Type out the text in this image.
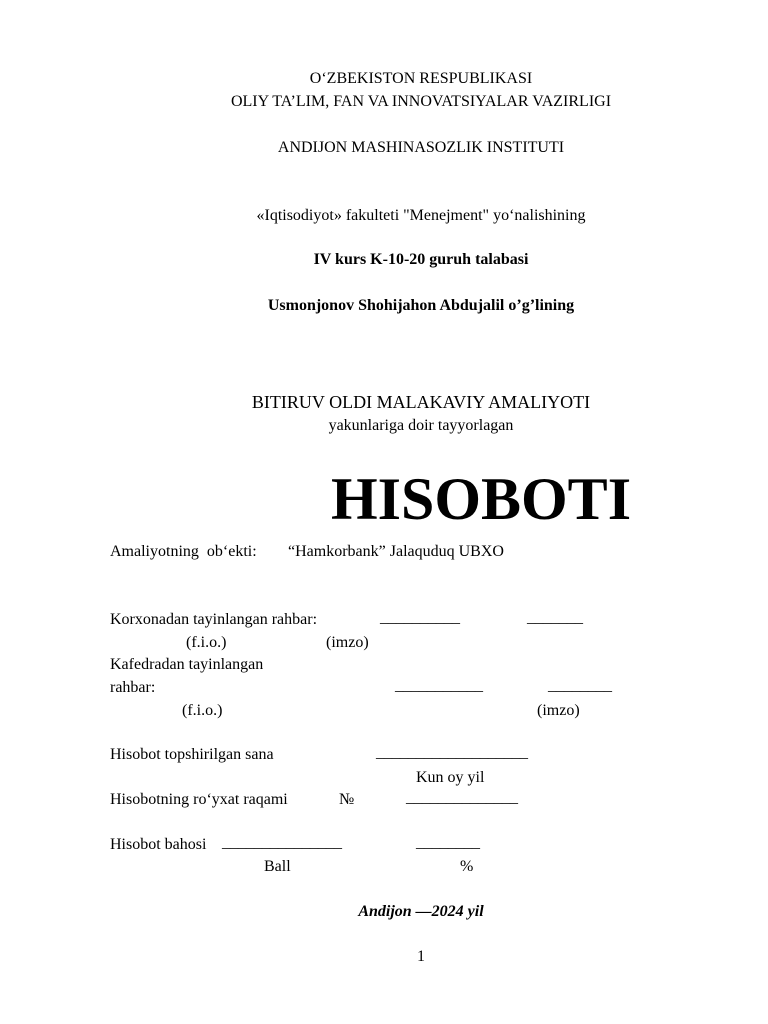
O‘ZBEKISTON RESPUBLIKASI
OLIY TA’LIM, FAN VA INNOVATSIYALAR VAZIRLIGI
ANDIJON MASHINASOZLIK INSTITUTI
«Iqtisodiyot» fakulteti "Menejment" yo‘nalishining
IV kurs K-10-20 guruh talabasi
Usmonjonov Shohijahon Abdujalil o’g’lining
BITIRUV OLDI MALAKAVIY AMALIYOTI
yakunlariga doir tayyorlagan
HISOBOTI
Amaliyotning  ob‘ekti: “Hamkorbank” Jalaquduq UBXO
Korxonadan tayinlangan rahbar:	__________	_______
(f.i.o.)	(imzo)
Kafedradan tayinlangan
rahbar:	___________	________
(f.i.o.)	(imzo)
Hisobot topshirilgan sana	___________________
Kun oy yil
Hisobotning ro‘yxat raqami	№	______________
Hisobot bahosi _______________	________
Ball	%
Andijon —2024 yil
1
